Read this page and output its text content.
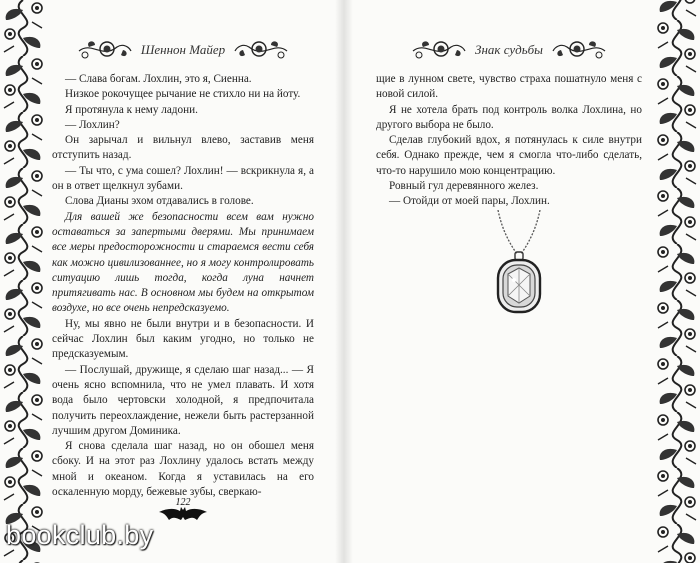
Шеннон Майер

— Слава богам. Лохлин, это я, Сиенна.

Низкое рокочущее рычание не стихло ни на йоту.

Я протянула к нему ладони.

— Лохлин?

Он зарычал и вильнул влево, заставив меня отступить назад.

— Ты что, с ума сошел? Лохлин! — вскрикнула я, а он в ответ щелкнул зубами.

Слова Дианы эхом отдавались в голове.

Для вашей же безопасности всем вам нужно оставаться за запертыми дверями. Мы принимаем все меры предосторожности и стараемся вести себя как можно цивилизованнее, но я могу контролировать ситуацию лишь тогда, когда луна начнет притягивать нас. В основном мы будем на открытом воздухе, но все очень непредсказуемо.

Ну, мы явно не были внутри и в безопасности. И сейчас Лохлин был каким угодно, но только не предсказуемым.

— Послушай, дружище, я сделаю шаг назад... — Я очень ясно вспомнила, что не умел плавать. И хотя вода было чертовски холодной, я предпочитала получить переохлаждение, нежели быть растерзанной лучшим другом Доминика.

Я снова сделала шаг назад, но он обошел меня сбоку. И на этот раз Лохлину удалось встать между мной и океаном. Когда я уставилась на его оскаленную морду, бежевые зубы, сверкаю-

122
Знак судьбы

щие в лунном свете, чувство страха пошатнуло меня с новой силой.

Я не хотела брать под контроль волка Лохлина, но другого выбора не было.

Сделав глубокий вдох, я потянулась к силе внутри себя. Однако прежде, чем я смогла что-либо сделать, что-то нарушило мою концентрацию.

Ровный гул деревянного желез.

— Отойди от моей пары, Лохлин.

bookclub.by
